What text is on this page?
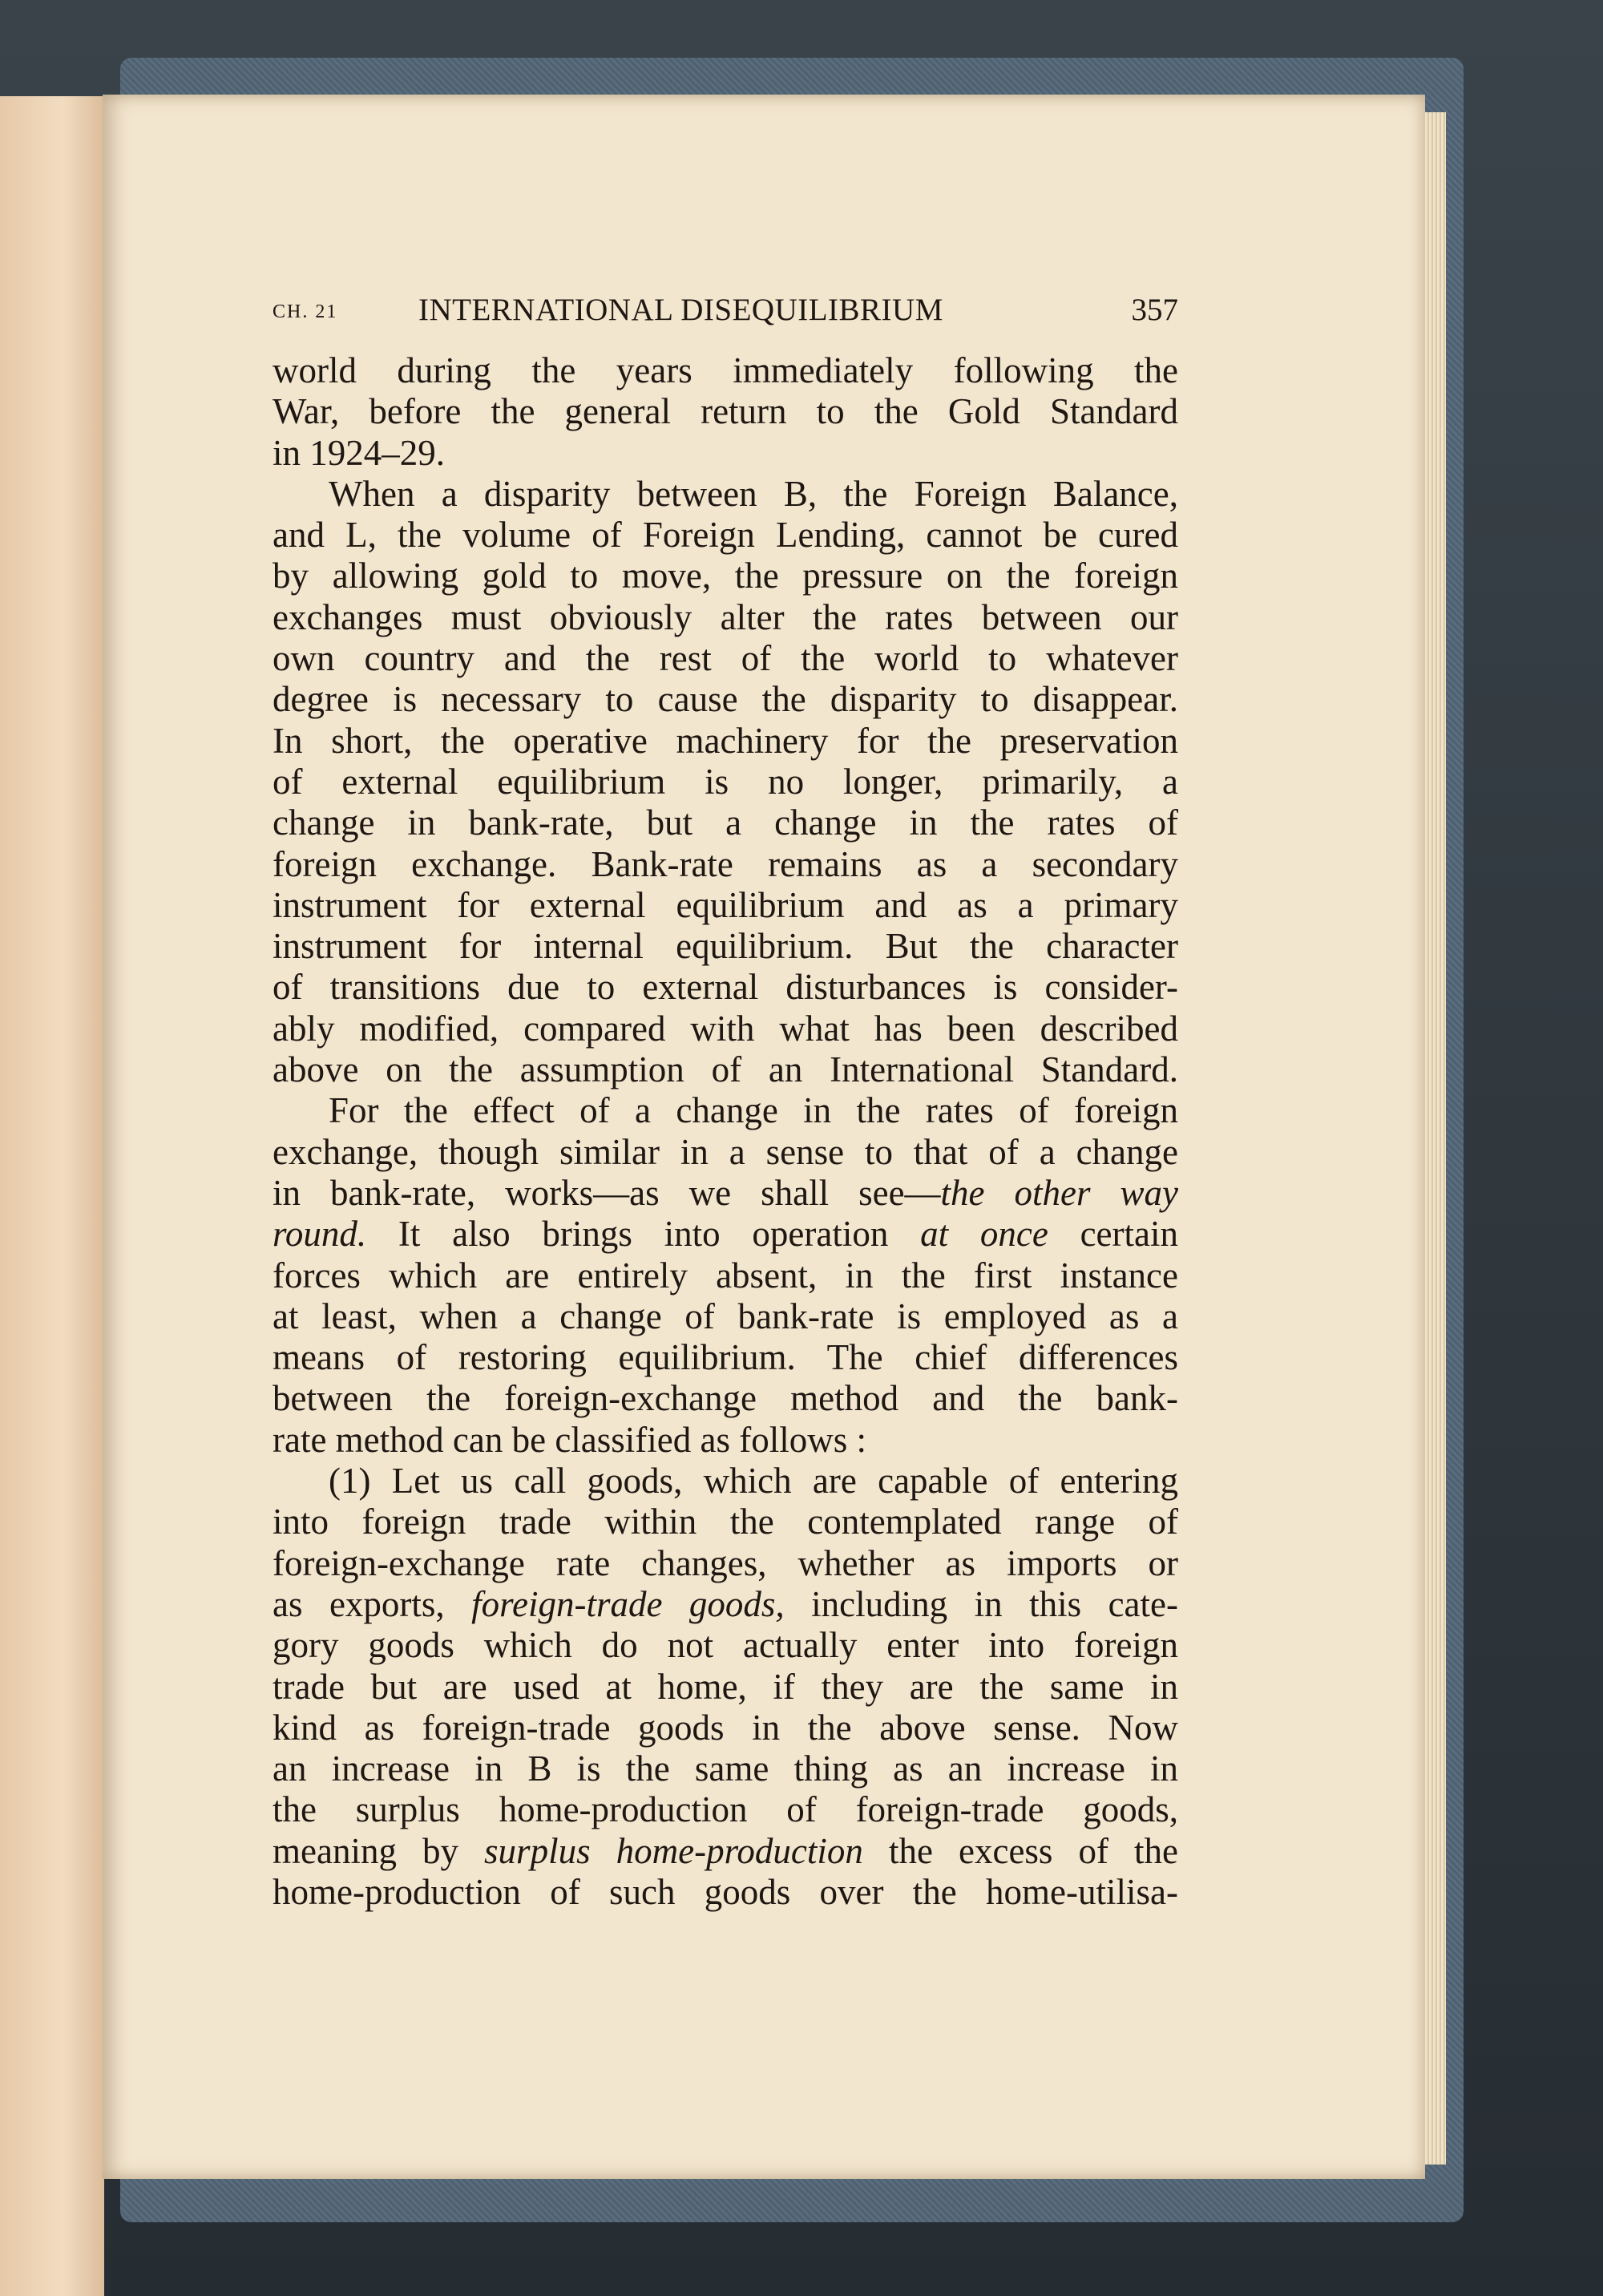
CH. 21	INTERNATIONAL DISEQUILIBRIUM	357
world during the years immediately following the
War, before the general return to the Gold Standard
in 1924–29.
When a disparity between B, the Foreign Balance,
and L, the volume of Foreign Lending, cannot be cured
by allowing gold to move, the pressure on the foreign
exchanges must obviously alter the rates between our
own country and the rest of the world to whatever
degree is necessary to cause the disparity to disappear.
In short, the operative machinery for the preservation
of external equilibrium is no longer, primarily, a
change in bank-rate, but a change in the rates of
foreign exchange. Bank-rate remains as a secondary
instrument for external equilibrium and as a primary
instrument for internal equilibrium. But the character
of transitions due to external disturbances is consider-
ably modified, compared with what has been described
above on the assumption of an International Standard.
For the effect of a change in the rates of foreign
exchange, though similar in a sense to that of a change
in bank-rate, works—as we shall see—the other way
round. It also brings into operation at once certain
forces which are entirely absent, in the first instance
at least, when a change of bank-rate is employed as a
means of restoring equilibrium. The chief differences
between the foreign-exchange method and the bank-
rate method can be classified as follows :
(1) Let us call goods, which are capable of entering
into foreign trade within the contemplated range of
foreign-exchange rate changes, whether as imports or
as exports, foreign-trade goods, including in this cate-
gory goods which do not actually enter into foreign
trade but are used at home, if they are the same in
kind as foreign-trade goods in the above sense. Now
an increase in B is the same thing as an increase in
the surplus home-production of foreign-trade goods,
meaning by surplus home-production the excess of the
home-production of such goods over the home-utilisa-
